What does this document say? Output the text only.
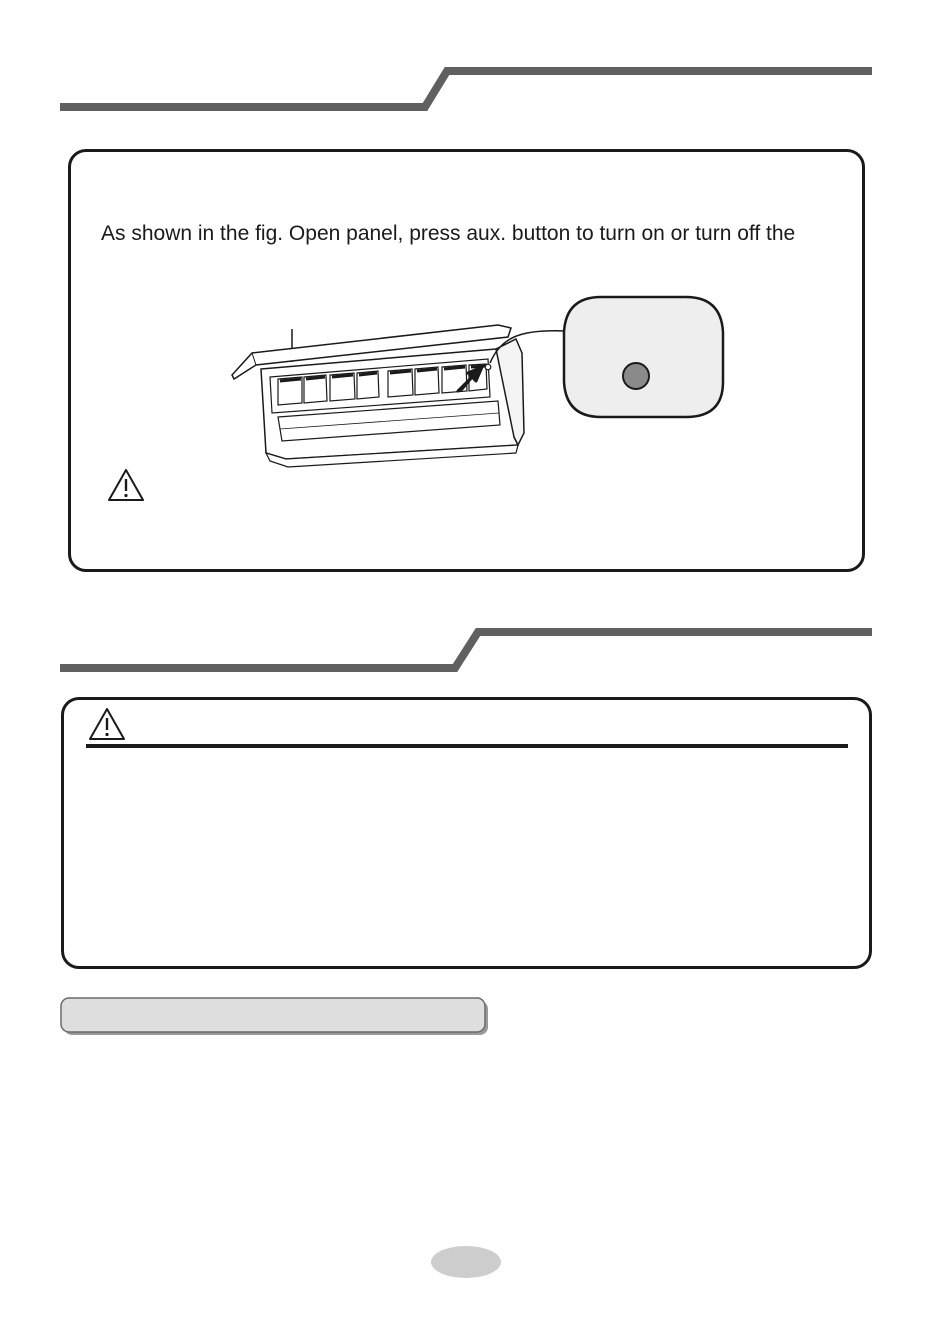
As shown in the fig. Open panel, press aux. button to turn on or turn off the
